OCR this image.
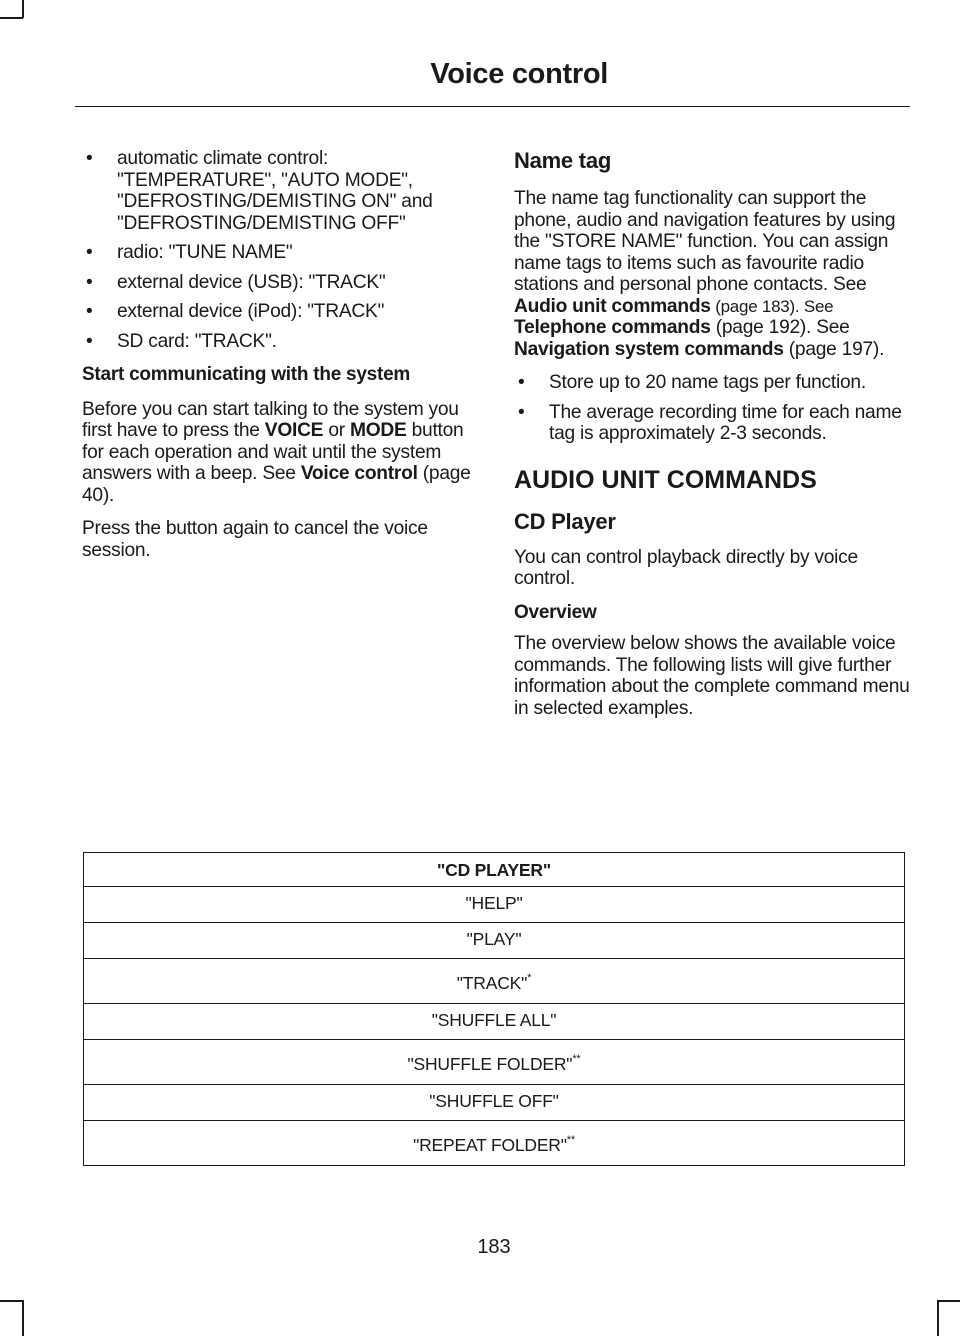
Voice control
• automatic climate control: "TEMPERATURE", "AUTO MODE", "DEFROSTING/DEMISTING ON" and "DEFROSTING/DEMISTING OFF"
• radio: "TUNE NAME"
• external device (USB): "TRACK"
• external device (iPod): "TRACK"
• SD card: "TRACK".
Start communicating with the system

Before you can start talking to the system you first have to press the VOICE or MODE button for each operation and wait until the system answers with a beep. See Voice control (page 40).

Press the button again to cancel the voice session.

Name tag

The name tag functionality can support the phone, audio and navigation features by using the "STORE NAME" function. You can assign name tags to items such as favourite radio stations and personal phone contacts. See Audio unit commands (page 183). See Telephone commands (page 192). See Navigation system commands (page 197).

• Store up to 20 name tags per function.
• The average recording time for each name tag is approximately 2-3 seconds.
AUDIO UNIT COMMANDS
CD Player

You can control playback directly by voice control.

Overview

The overview below shows the available voice commands. The following lists will give further information about the complete command menu in selected examples.

"CD PLAYER"
"HELP"
"PLAY"
"TRACK"*
"SHUFFLE ALL"
"SHUFFLE FOLDER"**
"SHUFFLE OFF"
"REPEAT FOLDER"**
183
